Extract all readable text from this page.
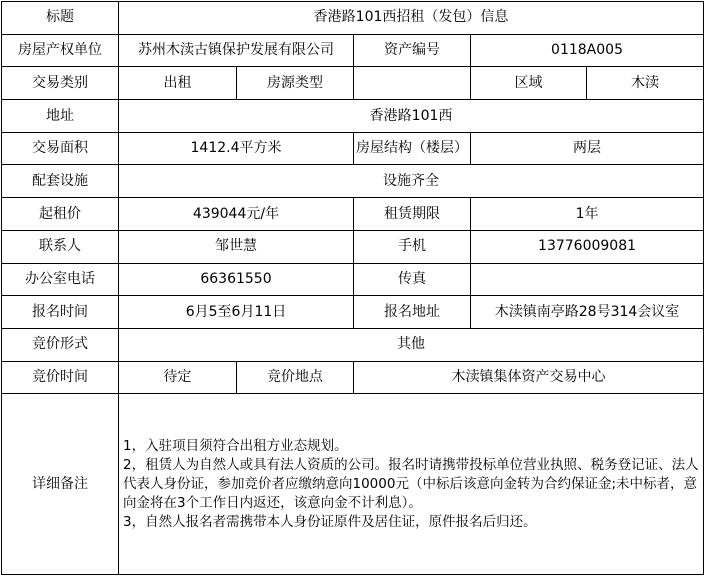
标题	香港路101西招租（发包）信息				
房屋产权单位	苏州木渎古镇保护发展有限公司		资产编号	0118A005	
交易类别	出租	房源类型		区域	木渎
地址	香港路101西				
交易面积	1412.4平方米		房屋结构（楼层）	两层	
配套设施	设施齐全				
起租价	439044元/年		租赁期限	1年	
联系人	邹世慧		手机	13776009081	
办公室电话	66361550		传真		
报名时间	6月5至6月11日		报名地址	木渎镇南亭路28号314会议室	
竞价形式	其他				
竞价时间	待定	竞价地点	木渎镇集体资产交易中心		
详细备注	1，入驻项目须符合出租方业态规划。
2，租赁人为自然人或具有法人资质的公司。报名时请携带投标单位营业执照、税务登记证、法人代表人身份证，参加竞价者应缴纳意向10000元（中标后该意向金转为合约保证金;未中标者，意向金将在3个工作日内返还，该意向金不计利息）。
3，自然人报名者需携带本人身份证原件及居住证，原件报名后归还。				
